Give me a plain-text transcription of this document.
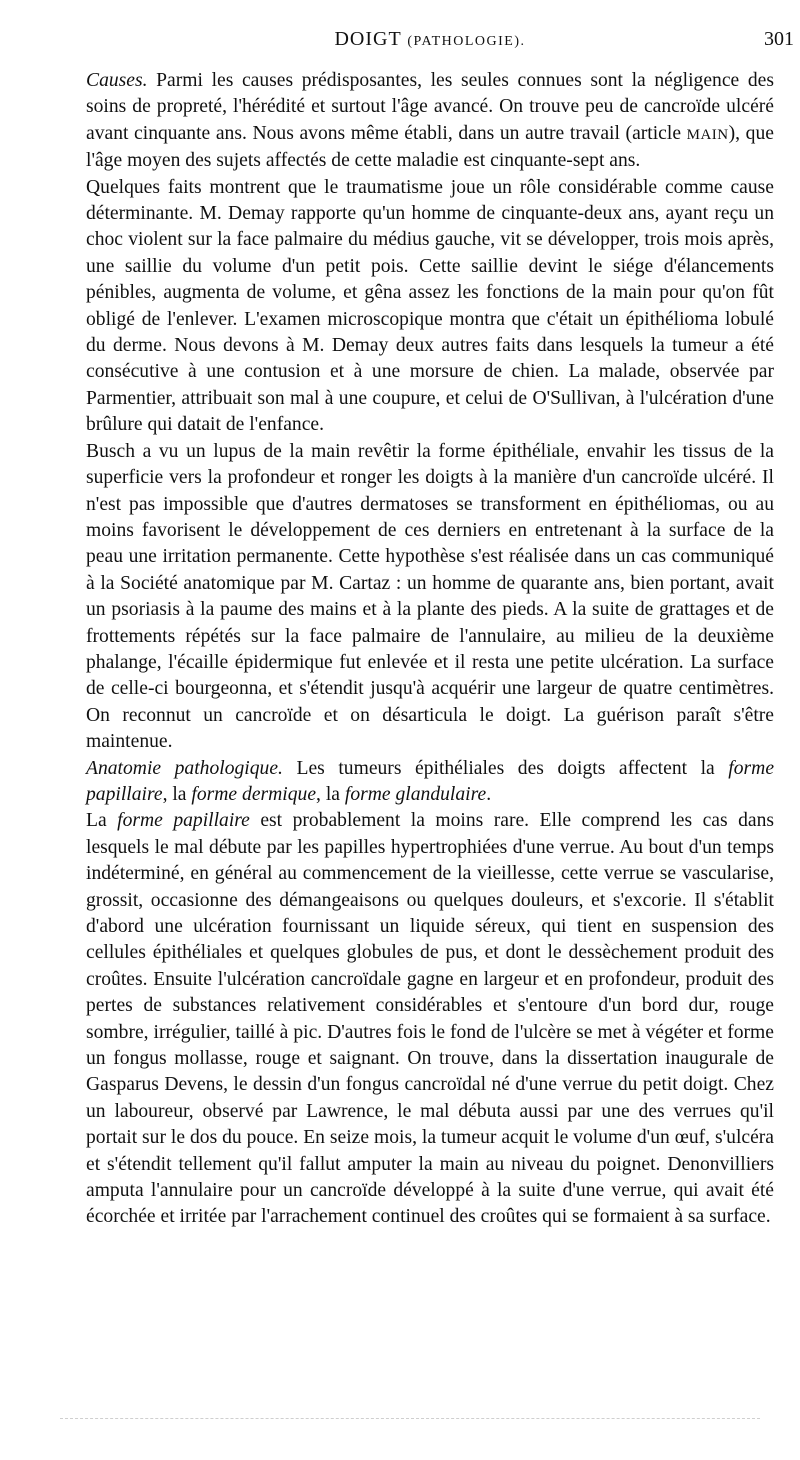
DOIGT (PATHOLOGIE).	301

Causes. Parmi les causes prédisposantes, les seules connues sont la négligence des soins de propreté, l'hérédité et surtout l'âge avancé. On trouve peu de cancroïde ulcéré avant cinquante ans. Nous avons même établi, dans un autre travail (article MAIN), que l'âge moyen des sujets affectés de cette maladie est cinquante-sept ans.

Quelques faits montrent que le traumatisme joue un rôle considérable comme cause déterminante. M. Demay rapporte qu'un homme de cinquante-deux ans, ayant reçu un choc violent sur la face palmaire du médius gauche, vit se développer, trois mois après, une saillie du volume d'un petit pois. Cette saillie devint le siége d'élancements pénibles, augmenta de volume, et gêna assez les fonctions de la main pour qu'on fût obligé de l'enlever. L'examen microscopique montra que c'était un épithélioma lobulé du derme. Nous devons à M. Demay deux autres faits dans lesquels la tumeur a été consécutive à une contusion et à une morsure de chien. La malade, observée par Parmentier, attribuait son mal à une coupure, et celui de O'Sullivan, à l'ulcération d'une brûlure qui datait de l'enfance.

Busch a vu un lupus de la main revêtir la forme épithéliale, envahir les tissus de la superficie vers la profondeur et ronger les doigts à la manière d'un cancroïde ulcéré. Il n'est pas impossible que d'autres dermatoses se transforment en épithéliomas, ou au moins favorisent le développement de ces derniers en entretenant à la surface de la peau une irritation permanente. Cette hypothèse s'est réalisée dans un cas communiqué à la Société anatomique par M. Cartaz : un homme de quarante ans, bien portant, avait un psoriasis à la paume des mains et à la plante des pieds. A la suite de grattages et de frottements répétés sur la face palmaire de l'annulaire, au milieu de la deuxième phalange, l'écaille épidermique fut enlevée et il resta une petite ulcération. La surface de celle-ci bourgeonna, et s'étendit jusqu'à acquérir une largeur de quatre centimètres. On reconnut un cancroïde et on désarticula le doigt. La guérison paraît s'être maintenue.

Anatomie pathologique. Les tumeurs épithéliales des doigts affectent la forme papillaire, la forme dermique, la forme glandulaire.

La forme papillaire est probablement la moins rare. Elle comprend les cas dans lesquels le mal débute par les papilles hypertrophiées d'une verrue. Au bout d'un temps indéterminé, en général au commencement de la vieillesse, cette verrue se vascularise, grossit, occasionne des démangeaisons ou quelques douleurs, et s'excorie. Il s'établit d'abord une ulcération fournissant un liquide séreux, qui tient en suspension des cellules épithéliales et quelques globules de pus, et dont le dessèchement produit des croûtes. Ensuite l'ulcération cancroïdale gagne en largeur et en profondeur, produit des pertes de substances relativement considérables et s'entoure d'un bord dur, rouge sombre, irrégulier, taillé à pic. D'autres fois le fond de l'ulcère se met à végéter et forme un fongus mollasse, rouge et saignant. On trouve, dans la dissertation inaugurale de Gasparus Devens, le dessin d'un fongus cancroïdal né d'une verrue du petit doigt. Chez un laboureur, observé par Lawrence, le mal débuta aussi par une des verrues qu'il portait sur le dos du pouce. En seize mois, la tumeur acquit le volume d'un œuf, s'ulcéra et s'étendit tellement qu'il fallut amputer la main au niveau du poignet. Denonvilliers amputa l'annulaire pour un cancroïde développé à la suite d'une verrue, qui avait été écorchée et irritée par l'arrachement continuel des croûtes qui se formaient à sa surface.
